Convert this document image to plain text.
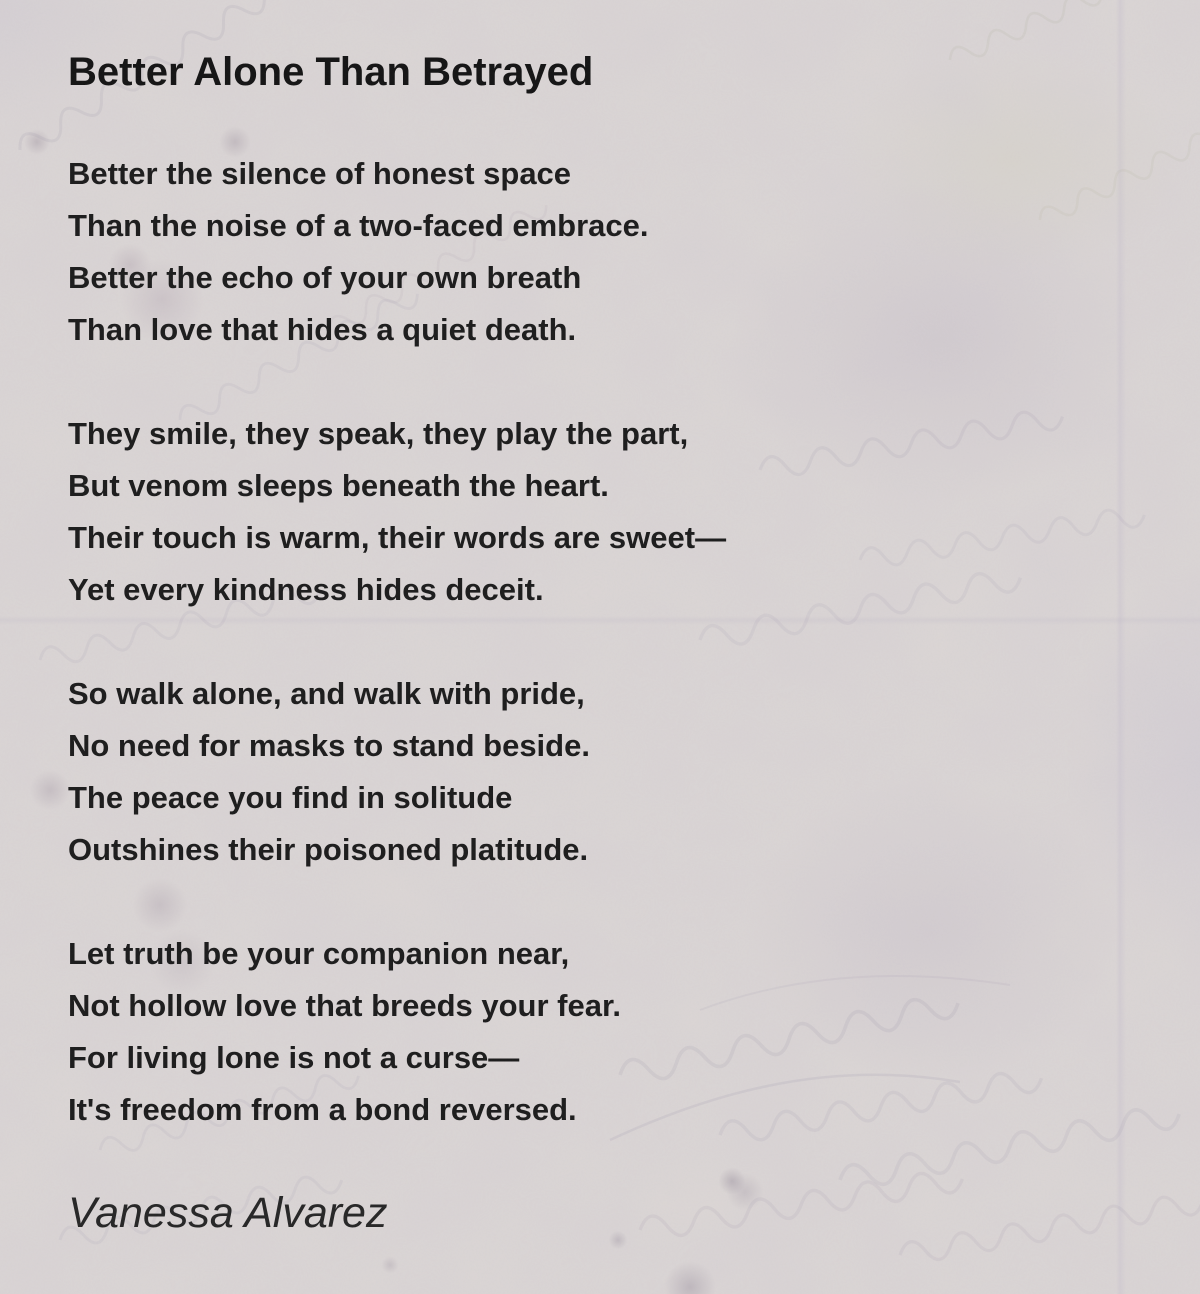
Better Alone Than Betrayed

Better the silence of honest space

Than the noise of a two-faced embrace.

Better the echo of your own breath

Than love that hides a quiet death.

They smile, they speak, they play the part,

But venom sleeps beneath the heart.

Their touch is warm, their words are sweet—

Yet every kindness hides deceit.

So walk alone, and walk with pride,

No need for masks to stand beside.

The peace you find in solitude

Outshines their poisoned platitude.

Let truth be your companion near,

Not hollow love that breeds your fear.

For living lone is not a curse—

It's freedom from a bond reversed.

Vanessa Alvarez
